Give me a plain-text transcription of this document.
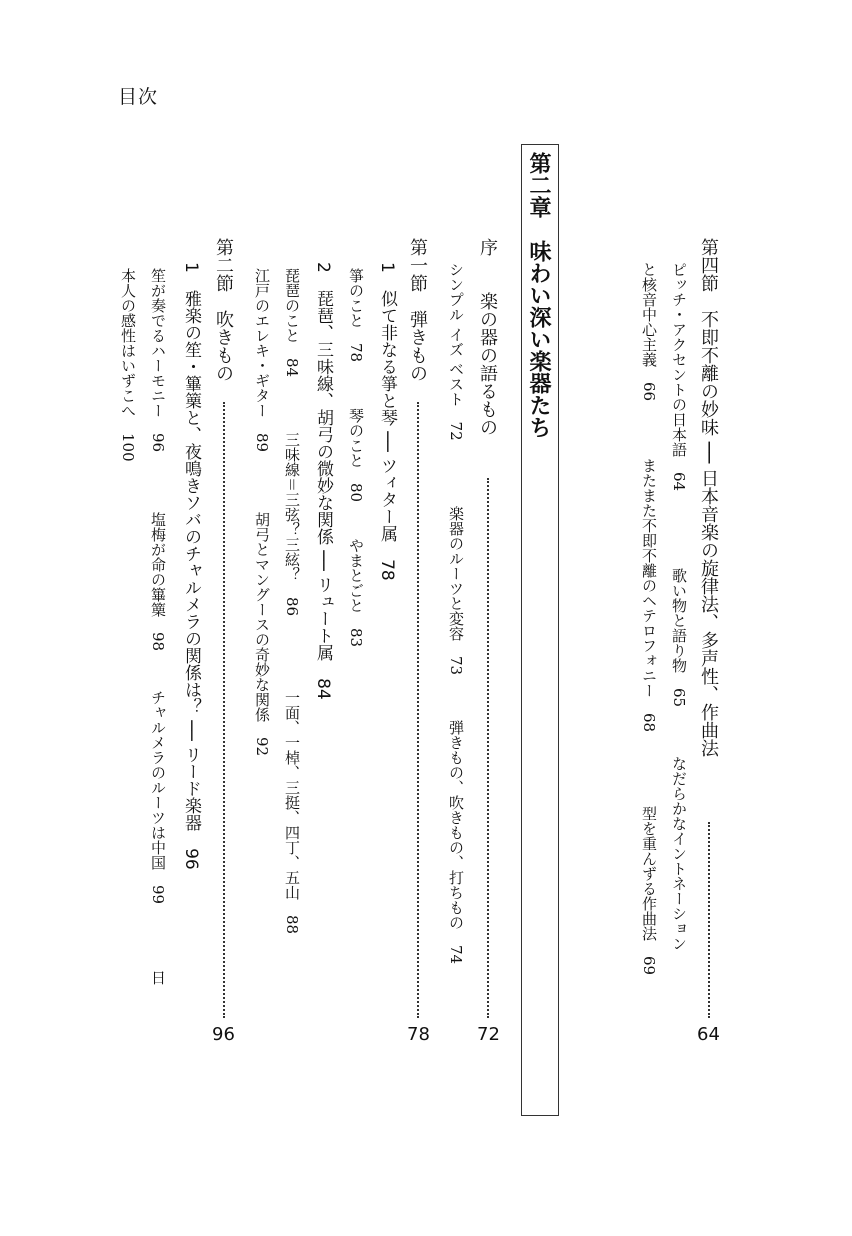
目次
第四節　不即不離の妙味 ── 日本音楽の旋律法、多声性、作曲法
64
ピッチ・アクセントの日本語　64
歌い物と語り物　65
なだらかなイントネーション
と核音中心主義　66
またまた不即不離のヘテロフォニー　68
型を重んずる作曲法　69
第二章　味わい深い楽器たち
序　　楽の器の語るもの
72
シンプル イズ ベスト　72
楽器のルーツと変容　73
弾きもの、吹きもの、打ちもの　74
第一節　弾きもの
78
1　似て非なる箏と琴 ── ツィター属　78
箏のこと　78
琴のこと　80
やまとごと　83
2　琵琶、三味線、胡弓の微妙な関係 ── リュート属　84
琵琶のこと　84
三味線＝三弦？三絃？　86
一面、一棹、三挺、四丁、五山　88
江戸のエレキ・ギター　89
胡弓とマングースの奇妙な関係　92
第二節　吹きもの
96
1　雅楽の笙・篳篥と、夜鳴きソバのチャルメラの関係は？ ── リード楽器　96
笙が奏でるハーモニー　96
塩梅が命の篳篥　98
チャルメラのルーツは中国　99
日
本人の感性はいずこへ　100
